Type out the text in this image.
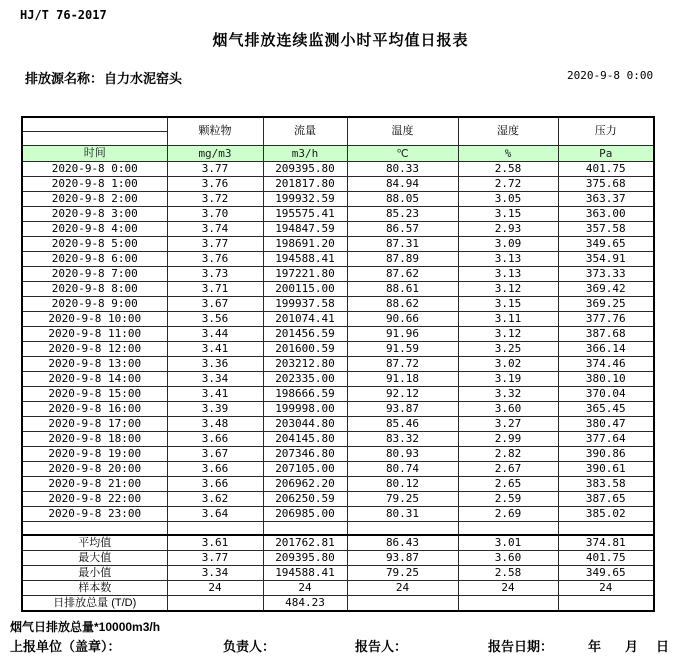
HJ/T 76-2017
烟气排放连续监测小时平均值日报表
排放源名称： 自力水泥窑头	2020-9-8 0:00
	颗粒物	流量	温度	湿度	压力

时间	mg/m3	m3/h	℃	%	Pa
2020-9-8 0:00	3.77	209395.80	80.33	2.58	401.75
2020-9-8 1:00	3.76	201817.80	84.94	2.72	375.68
2020-9-8 2:00	3.72	199932.59	88.05	3.05	363.37
2020-9-8 3:00	3.70	195575.41	85.23	3.15	363.00
2020-9-8 4:00	3.74	194847.59	86.57	2.93	357.58
2020-9-8 5:00	3.77	198691.20	87.31	3.09	349.65
2020-9-8 6:00	3.76	194588.41	87.89	3.13	354.91
2020-9-8 7:00	3.73	197221.80	87.62	3.13	373.33
2020-9-8 8:00	3.71	200115.00	88.61	3.12	369.42
2020-9-8 9:00	3.67	199937.58	88.62	3.15	369.25
2020-9-8 10:00	3.56	201074.41	90.66	3.11	377.76
2020-9-8 11:00	3.44	201456.59	91.96	3.12	387.68
2020-9-8 12:00	3.41	201600.59	91.59	3.25	366.14
2020-9-8 13:00	3.36	203212.80	87.72	3.02	374.46
2020-9-8 14:00	3.34	202335.00	91.18	3.19	380.10
2020-9-8 15:00	3.41	198666.59	92.12	3.32	370.04
2020-9-8 16:00	3.39	199998.00	93.87	3.60	365.45
2020-9-8 17:00	3.48	203044.80	85.46	3.27	380.47
2020-9-8 18:00	3.66	204145.80	83.32	2.99	377.64
2020-9-8 19:00	3.67	207346.80	80.93	2.82	390.86
2020-9-8 20:00	3.66	207105.00	80.74	2.67	390.61
2020-9-8 21:00	3.66	206962.20	80.12	2.65	383.58
2020-9-8 22:00	3.62	206250.59	79.25	2.59	387.65
2020-9-8 23:00	3.64	206985.00	80.31	2.69	385.02

平均值	3.61	201762.81	86.43	3.01	374.81
最大值	3.77	209395.80	93.87	3.60	401.75
最小值	3.34	194588.41	79.25	2.58	349.65
样本数	24	24	24	24	24
日排放总量 (T/D)		484.23			
烟气日排放总量*10000m3/h
上报单位（盖章）：	负责人：	报告人：	报告日期：	年 月 日
